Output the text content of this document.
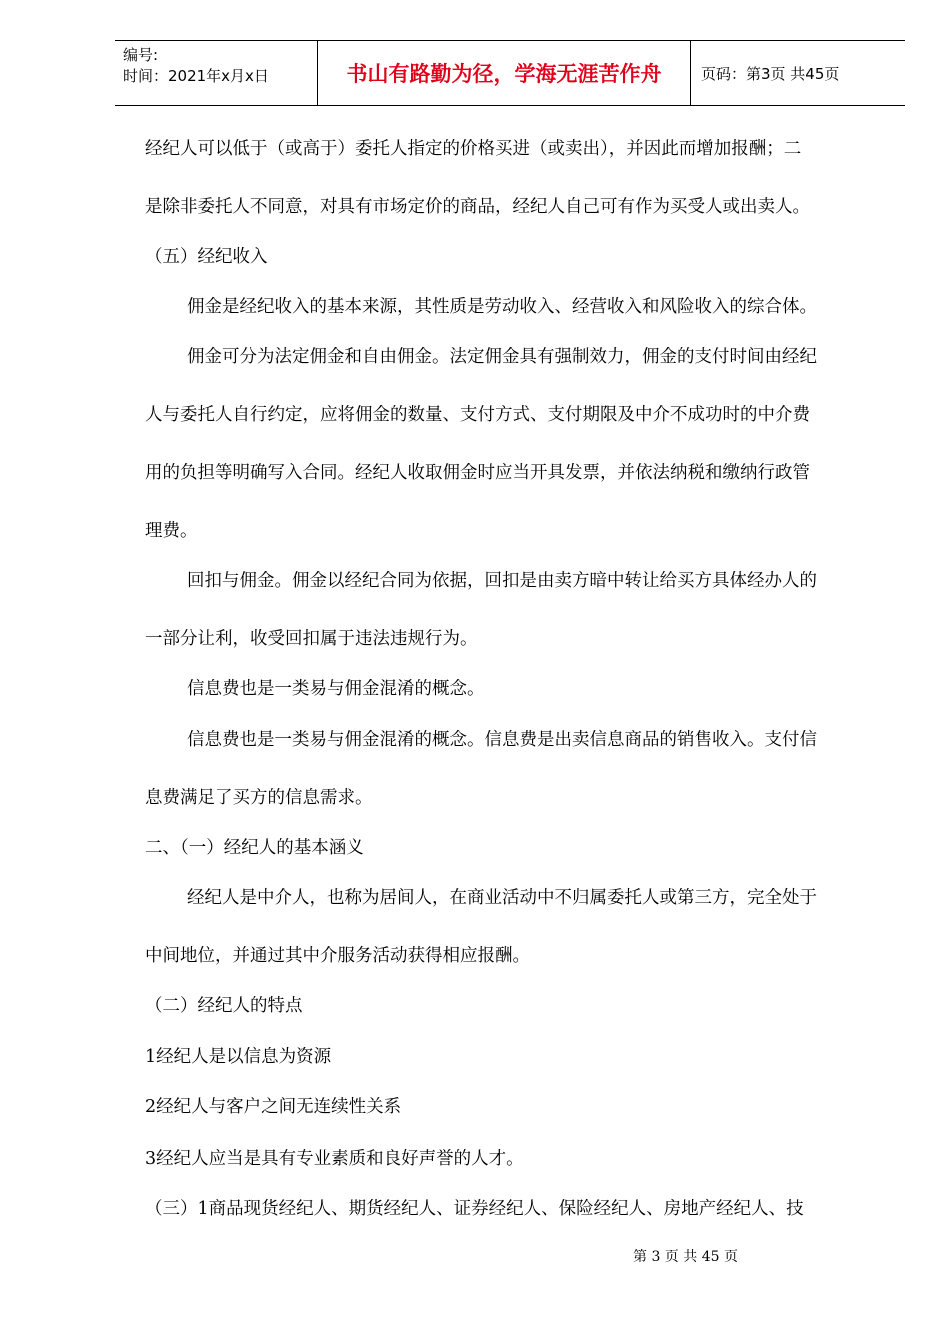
编号:
时间：2021年x月x日	书山有路勤为径，学海无涯苦作舟	页码：第3页 共45页
经纪人可以低于（或高于）委托人指定的价格买进（或卖出），并因此而增加报酬；二
是除非委托人不同意，对具有市场定价的商品，经纪人自己可有作为买受人或出卖人。
（五）经纪收入
佣金是经纪收入的基本来源，其性质是劳动收入、经营收入和风险收入的综合体。
佣金可分为法定佣金和自由佣金。法定佣金具有强制效力，佣金的支付时间由经纪
人与委托人自行约定，应将佣金的数量、支付方式、支付期限及中介不成功时的中介费
用的负担等明确写入合同。经纪人收取佣金时应当开具发票，并依法纳税和缴纳行政管
理费。
回扣与佣金。佣金以经纪合同为依据，回扣是由卖方暗中转让给买方具体经办人的
一部分让利，收受回扣属于违法违规行为。
信息费也是一类易与佣金混淆的概念。
信息费也是一类易与佣金混淆的概念。信息费是出卖信息商品的销售收入。支付信
息费满足了买方的信息需求。
二、（一）经纪人的基本涵义
经纪人是中介人，也称为居间人，在商业活动中不归属委托人或第三方，完全处于
中间地位，并通过其中介服务活动获得相应报酬。
（二）经纪人的特点
1经纪人是以信息为资源
2经纪人与客户之间无连续性关系
3经纪人应当是具有专业素质和良好声誉的人才。
（三）1商品现货经纪人、期货经纪人、证券经纪人、保险经纪人、房地产经纪人、技
第 3 页 共 45 页
